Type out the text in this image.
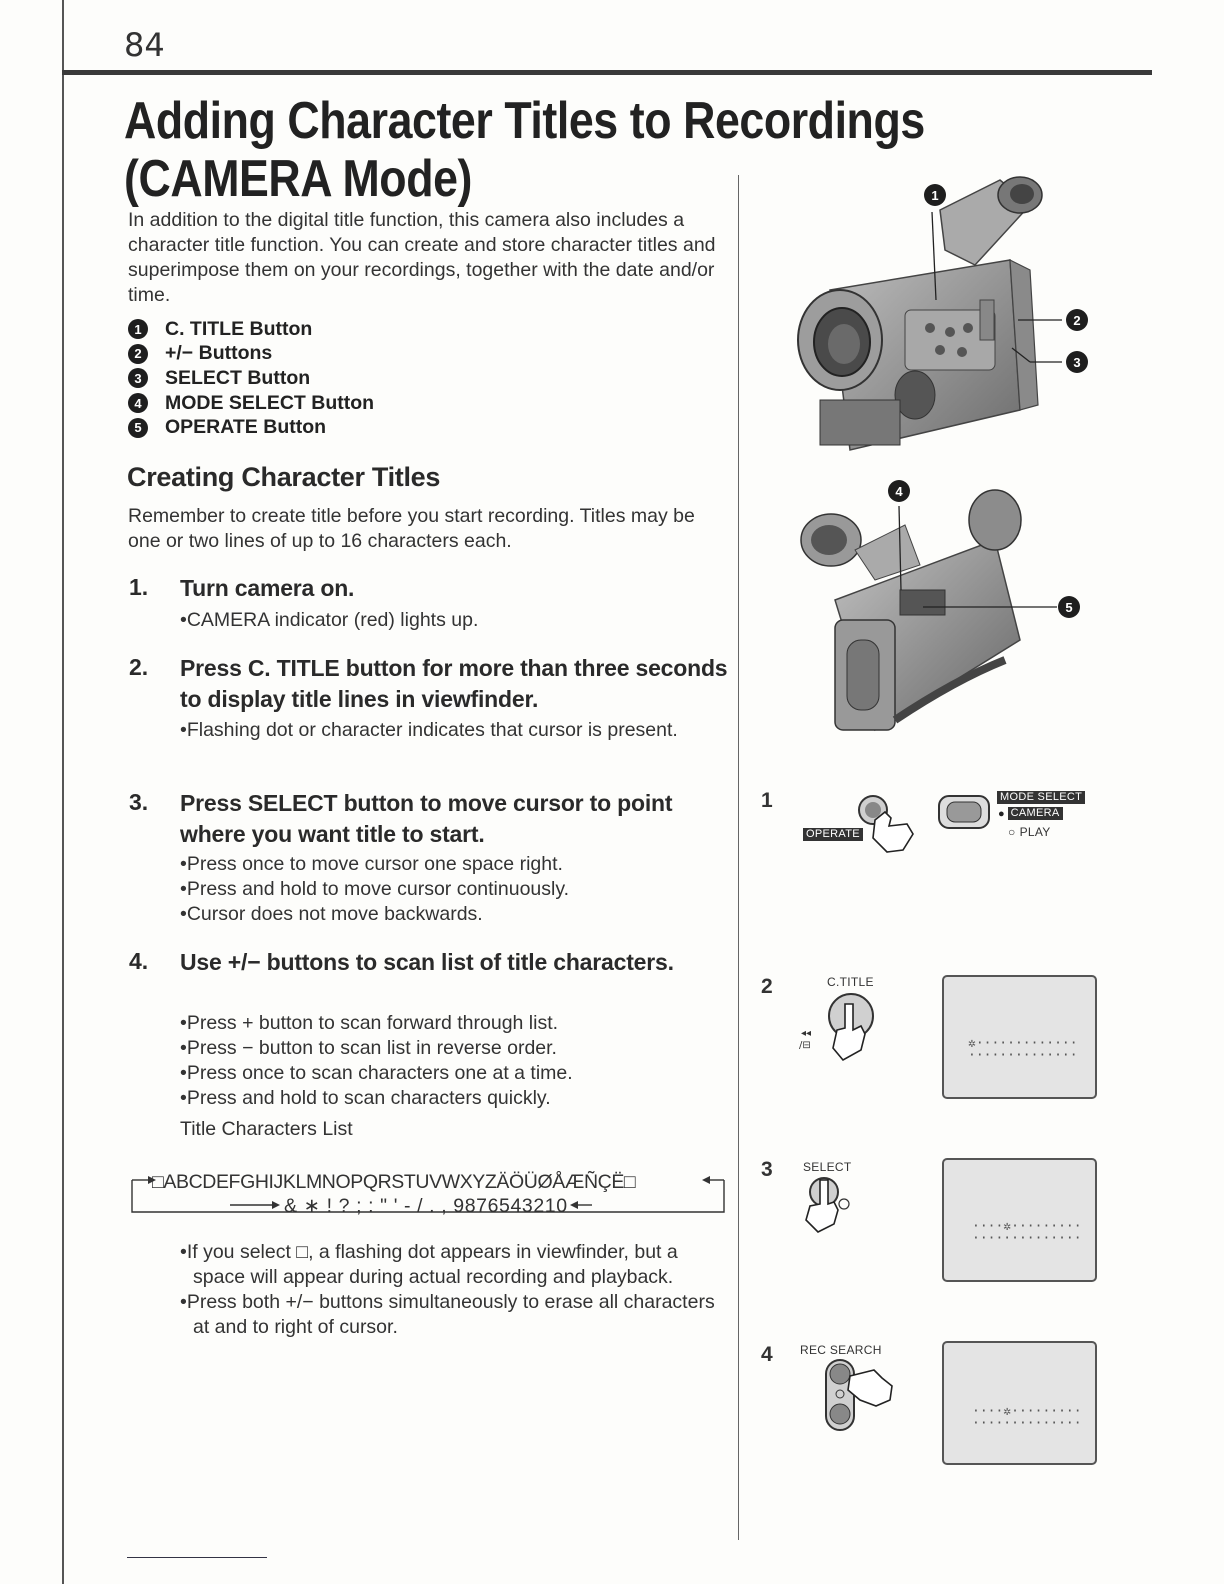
84
Adding Character Titles to Recordings
(CAMERA Mode)
In addition to the digital title function, this camera also includes a character title function. You can create and store character titles and superimpose them on your recordings, together with the date and/or time.
1	C. TITLE Button
2	+/− Buttons
3	SELECT Button
4	MODE SELECT Button
5	OPERATE Button
Creating Character Titles
Remember to create title before you start recording. Titles may be one or two lines of up to 16 characters each.
1. Turn camera on.
•CAMERA indicator (red) lights up.
2. Press C. TITLE button for more than three seconds to display title lines in viewfinder.
•Flashing dot or character indicates that cursor is present.
3. Press SELECT button to move cursor to point where you want title to start.
•Press once to move cursor one space right.
•Press and hold to move cursor continuously.
•Cursor does not move backwards.
4. Use +/− buttons to scan list of title characters.
•Press + button to scan forward through list.
•Press − button to scan list in reverse order.
•Press once to scan characters one at a time.
•Press and hold to scan characters quickly.
Title Characters List
□ABCDEFGHIJKLMNOPQRSTUVWXYZÄÖÜØÅÆÑÇË□
& ∗ ! ? ; : " ' - / . , 9876543210
•If you select □, a flashing dot appears in viewfinder, but a space will appear during actual recording and playback.
•Press both +/− buttons simultaneously to erase all characters at and to right of cursor.
1
2
3
4
5
1
OPERATE
MODE SELECT
● CAMERA
○ PLAY
2	C.TITLE
◂◂
/⊟	✲·············
··············
3	SELECT
····✲·········
··············
4 REC SEARCH
····✲·········
··············
